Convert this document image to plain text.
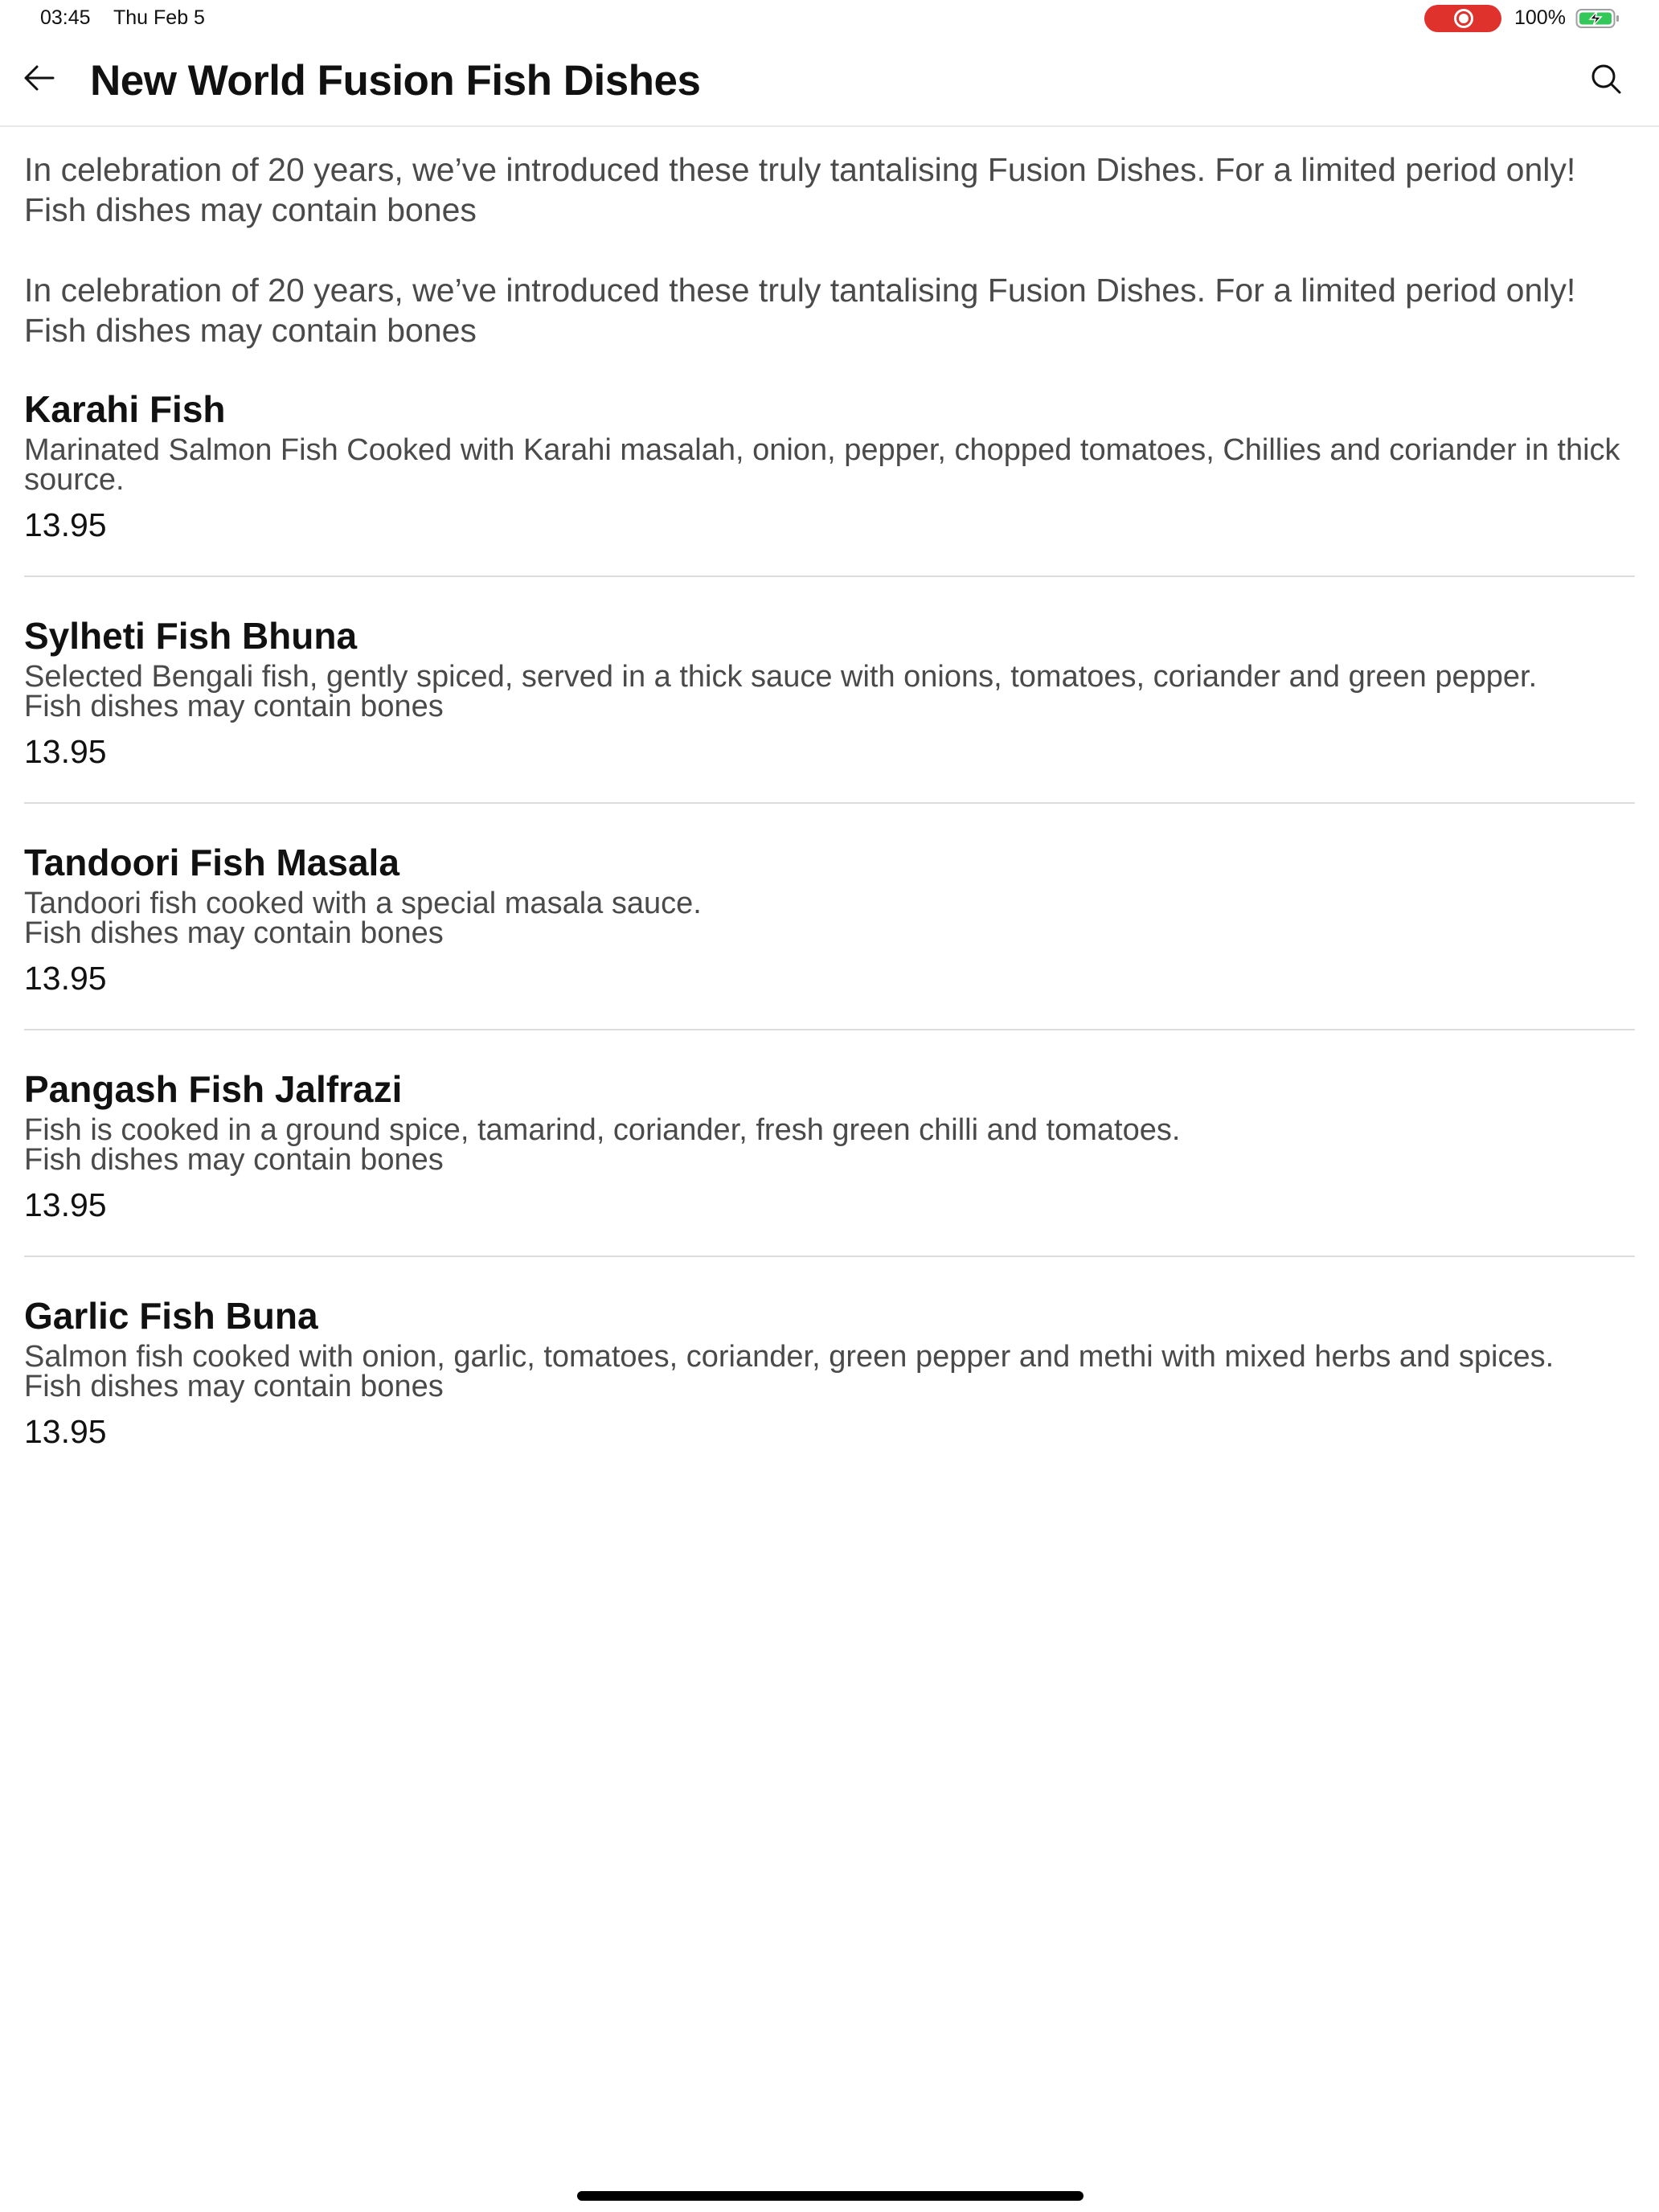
03:45 Thu Feb 5	100%
New World Fusion Fish Dishes

In celebration of 20 years, we’ve introduced these truly tantalising Fusion Dishes. For a limited period only!

Fish dishes may contain bones

In celebration of 20 years, we’ve introduced these truly tantalising Fusion Dishes. For a limited period only!

Fish dishes may contain bones

Karahi Fish

Marinated Salmon Fish Cooked with Karahi masalah, onion, pepper, chopped tomatoes, Chillies and coriander in thick source.

13.95

Sylheti Fish Bhuna

Selected Bengali fish, gently spiced, served in a thick sauce with onions, tomatoes, coriander and green pepper.

Fish dishes may contain bones

13.95

Tandoori Fish Masala

Tandoori fish cooked with a special masala sauce.

Fish dishes may contain bones

13.95

Pangash Fish Jalfrazi

Fish is cooked in a ground spice, tamarind, coriander, fresh green chilli and tomatoes.

Fish dishes may contain bones

13.95

Garlic Fish Buna

Salmon fish cooked with onion, garlic, tomatoes, coriander, green pepper and methi with mixed herbs and spices.

Fish dishes may contain bones

13.95
